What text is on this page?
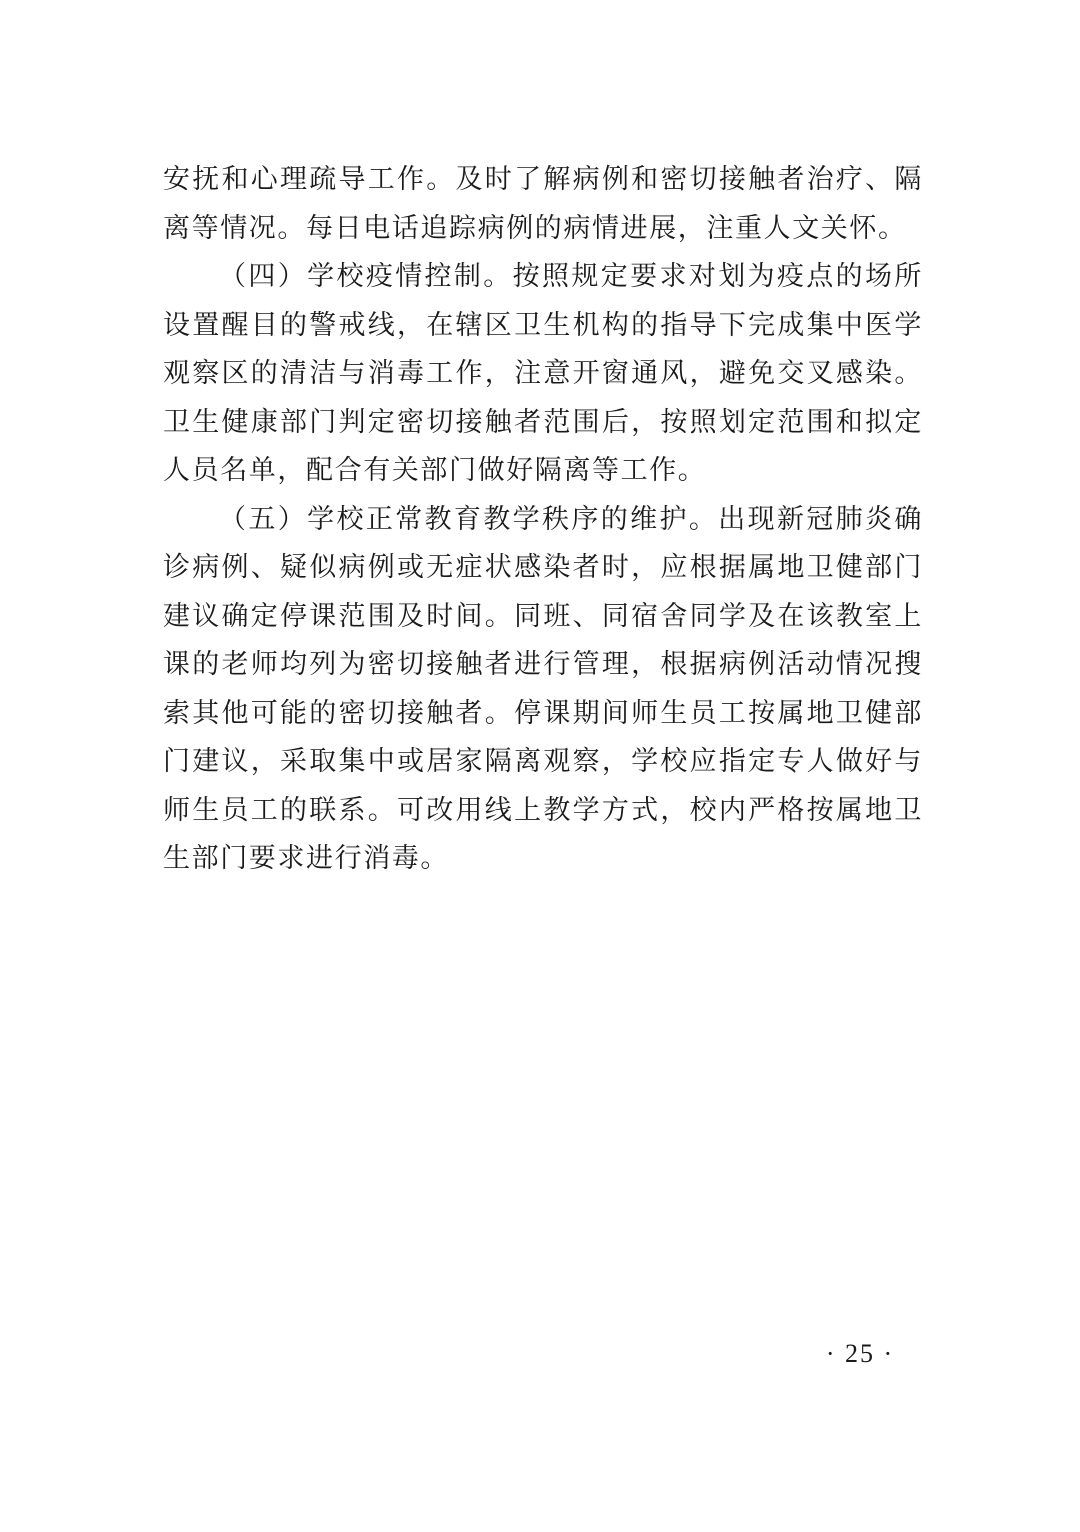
安抚和心理疏导工作。及时了解病例和密切接触者治疗、隔离等情况。每日电话追踪病例的病情进展，注重人文关怀。

（四）学校疫情控制。按照规定要求对划为疫点的场所设置醒目的警戒线，在辖区卫生机构的指导下完成集中医学观察区的清洁与消毒工作，注意开窗通风，避免交叉感染。卫生健康部门判定密切接触者范围后，按照划定范围和拟定人员名单，配合有关部门做好隔离等工作。

（五）学校正常教育教学秩序的维护。出现新冠肺炎确诊病例、疑似病例或无症状感染者时，应根据属地卫健部门建议确定停课范围及时间。同班、同宿舍同学及在该教室上课的老师均列为密切接触者进行管理，根据病例活动情况搜索其他可能的密切接触者。停课期间师生员工按属地卫健部门建议，采取集中或居家隔离观察，学校应指定专人做好与师生员工的联系。可改用线上教学方式，校内严格按属地卫生部门要求进行消毒。

· 25 ·
